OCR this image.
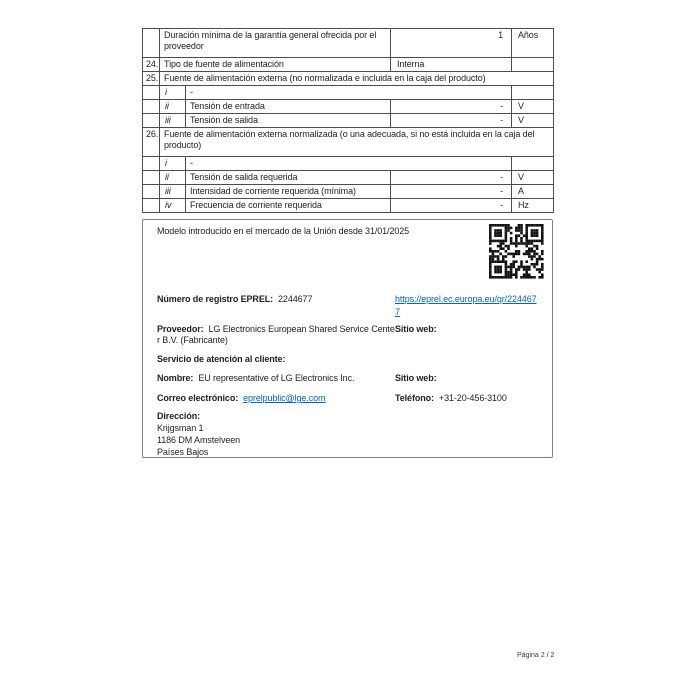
	Duración mínima de la garantía general ofrecida por el proveedor		1	Años
24.	Tipo de fuente de alimentación		Interna	
25.	Fuente de alimentación externa (no normalizada e incluida en la caja del producto)			
	i	-		
	ii	Tensión de entrada	-	V
	iii	Tensión de salida	-	V
26.	Fuente de alimentación externa normalizada (o una adecuada, si no está incluida en la caja del producto)			
	i	-		
	ii	Tensión de salida requerida	-	V
	iii	Intensidad de corriente requerida (mínima)	-	A
	iv	Frecuencia de corriente requerida	-	Hz
Modelo introducido en el mercado de la Unión desde 31/01/2025
Número de registro EPREL: 2244677	https://eprel.ec.europa.eu/qr/2244677
Proveedor: LG Electronics European Shared Service Cente
r B.V. (Fabricante)
Sitio web:
Servicio de atención al cliente:
Nombre: EU representative of LG Electronics Inc.	Sitio web:
Correo electrónico: eprelpublic@lge.com	Teléfono: +31-20-456-3100
Dirección:
Krijgsman 1
1186 DM Amstelveen
Países Bajos
Página 2 / 2
